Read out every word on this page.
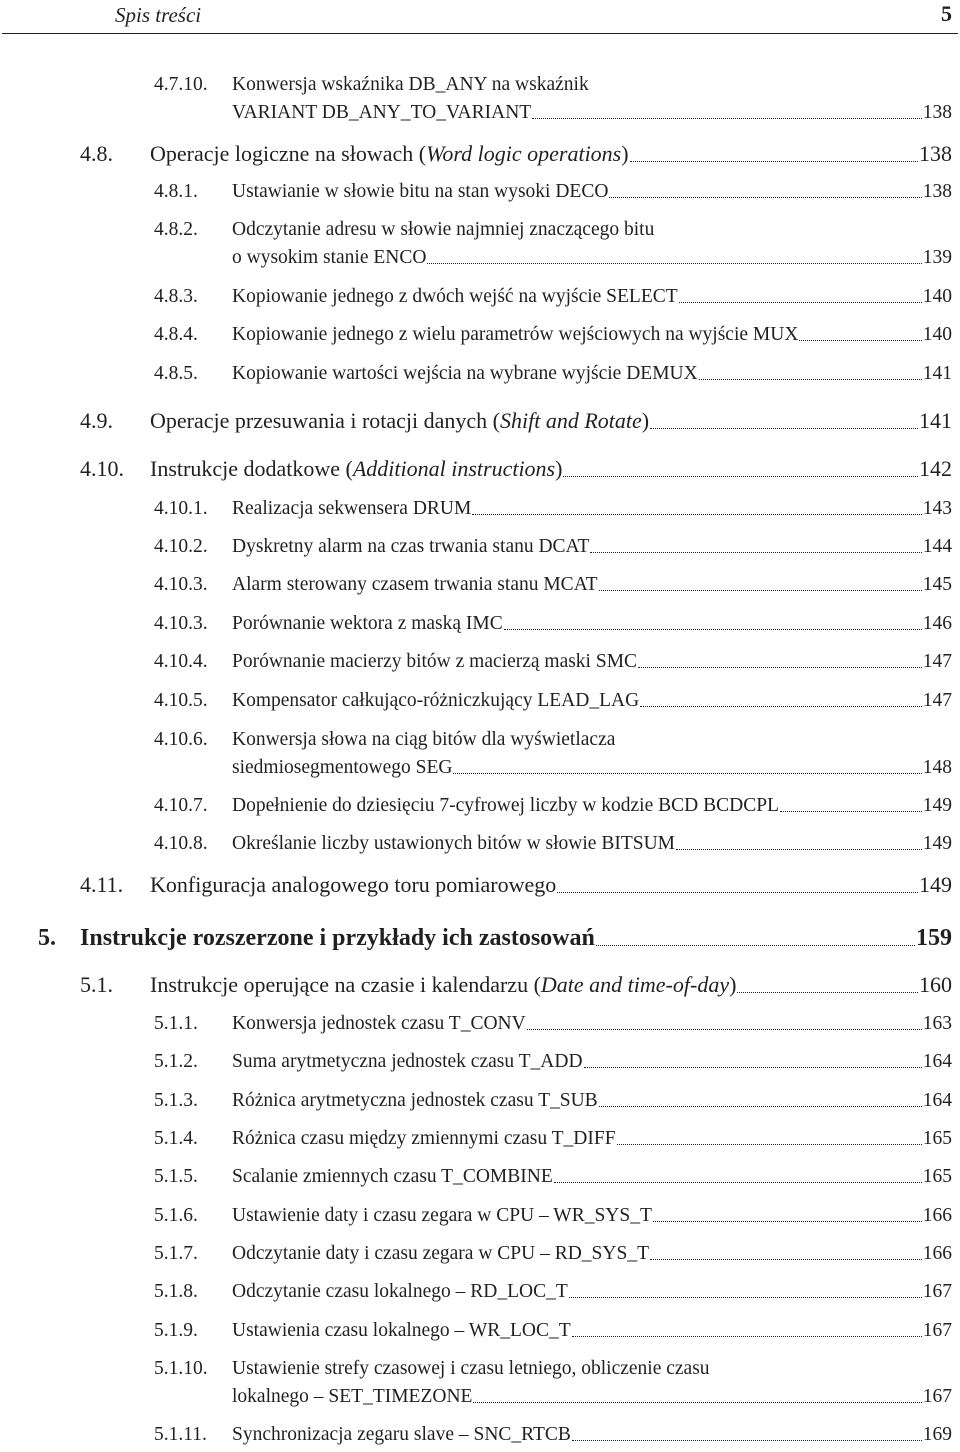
Spis treści	5
4.7.10. Konwersja wskaźnika DB_ANY na wskaźnik
VARIANT DB_ANY_TO_VARIANT	138
4.8. Operacje logiczne na słowach (Word logic operations)	138
4.8.1. Ustawianie w słowie bitu na stan wysoki DECO	138
4.8.2. Odczytanie adresu w słowie najmniej znaczącego bitu
o wysokim stanie ENCO	139
4.8.3. Kopiowanie jednego z dwóch wejść na wyjście SELECT	140
4.8.4. Kopiowanie jednego z wielu parametrów wejściowych na wyjście MUX	140
4.8.5. Kopiowanie wartości wejścia na wybrane wyjście DEMUX	141
4.9. Operacje przesuwania i rotacji danych (Shift and Rotate)	141
4.10. Instrukcje dodatkowe (Additional instructions)	142
4.10.1. Realizacja sekwensera DRUM	143
4.10.2. Dyskretny alarm na czas trwania stanu DCAT	144
4.10.3. Alarm sterowany czasem trwania stanu MCAT	145
4.10.3. Porównanie wektora z maską IMC	146
4.10.4. Porównanie macierzy bitów z macierzą maski SMC	147
4.10.5. Kompensator całkująco-różniczkujący LEAD_LAG	147
4.10.6. Konwersja słowa na ciąg bitów dla wyświetlacza
siedmiosegmentowego SEG	148
4.10.7. Dopełnienie do dziesięciu 7-cyfrowej liczby w kodzie BCD BCDCPL	149
4.10.8. Określanie liczby ustawionych bitów w słowie BITSUM	149
4.11. Konfiguracja analogowego toru pomiarowego	149
5. Instrukcje rozszerzone i przykłady ich zastosowań	159
5.1. Instrukcje operujące na czasie i kalendarzu (Date and time-of-day)	160
5.1.1. Konwersja jednostek czasu T_CONV	163
5.1.2. Suma arytmetyczna jednostek czasu T_ADD	164
5.1.3. Różnica arytmetyczna jednostek czasu T_SUB	164
5.1.4. Różnica czasu między zmiennymi czasu T_DIFF	165
5.1.5. Scalanie zmiennych czasu T_COMBINE	165
5.1.6. Ustawienie daty i czasu zegara w CPU – WR_SYS_T	166
5.1.7. Odczytanie daty i czasu zegara w CPU – RD_SYS_T	166
5.1.8. Odczytanie czasu lokalnego – RD_LOC_T	167
5.1.9. Ustawienia czasu lokalnego – WR_LOC_T	167
5.1.10. Ustawienie strefy czasowej i czasu letniego, obliczenie czasu
lokalnego – SET_TIMEZONE	167
5.1.11. Synchronizacja zegaru slave – SNC_RTCB	169
